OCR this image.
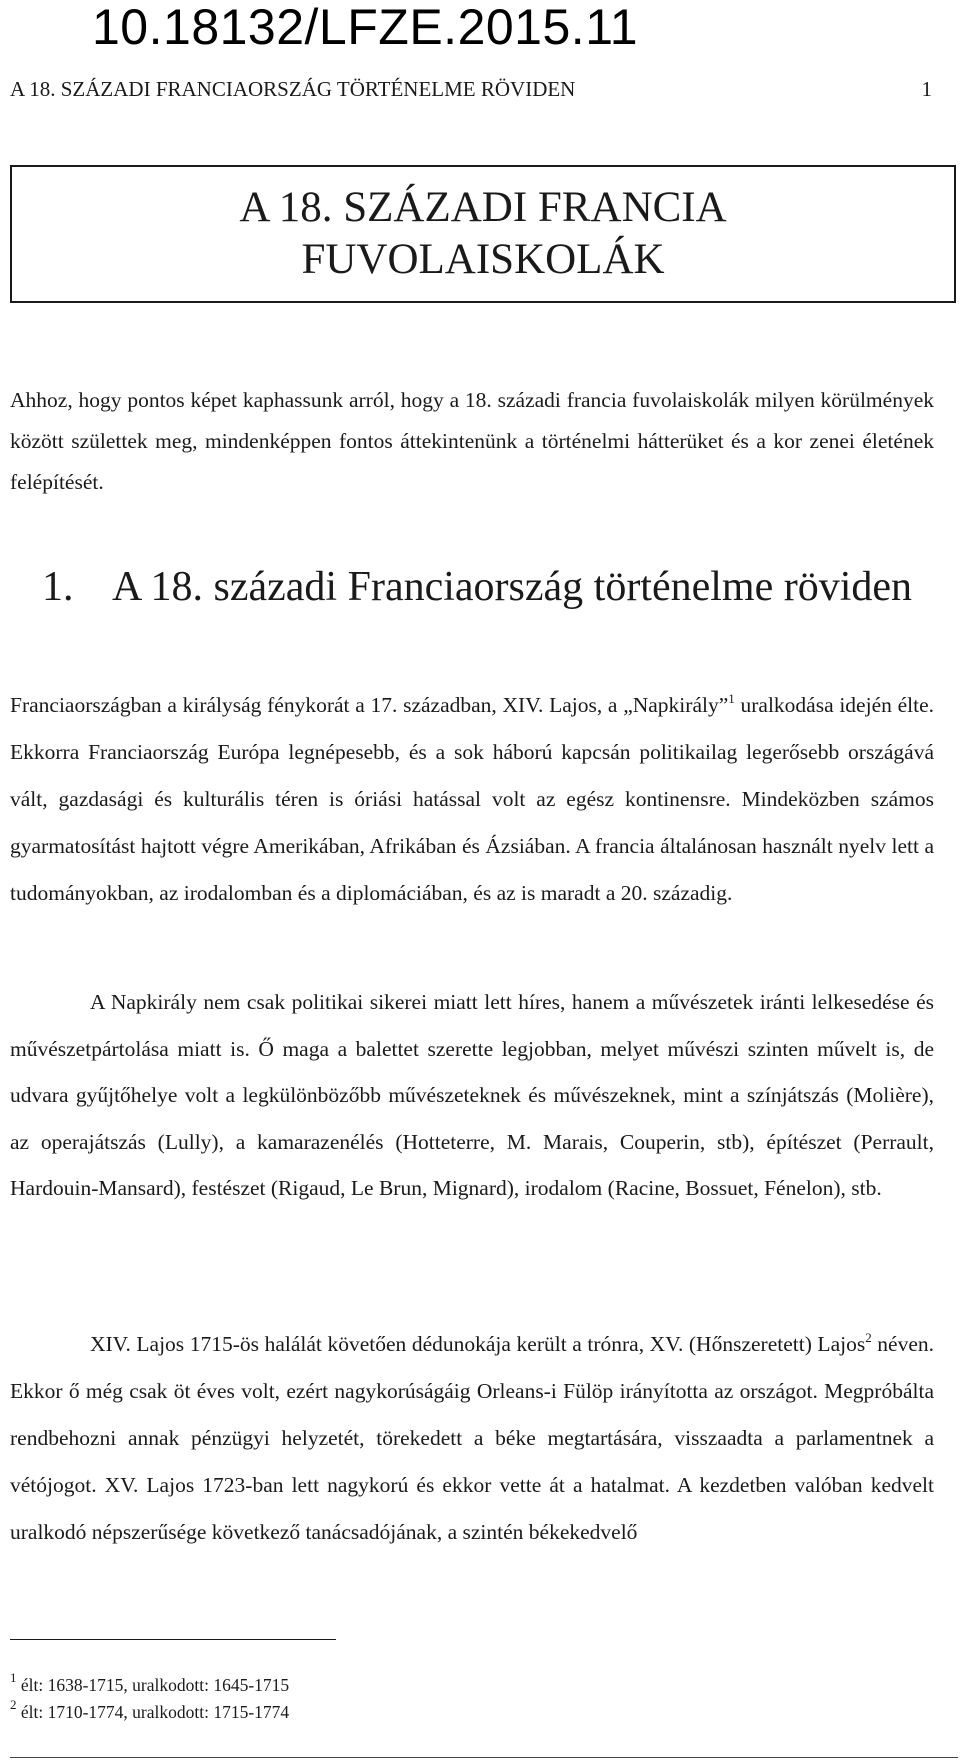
10.18132/LFZE.2015.11
A 18. SZÁZADI FRANCIAORSZÁG TÖRTÉNELME RÖVIDEN	1
A 18. SZÁZADI FRANCIA
FUVOLAISKOLÁK

Ahhoz, hogy pontos képet kaphassunk arról, hogy a 18. századi francia fuvolaiskolák milyen körülmények között születtek meg, mindenképpen fontos áttekintenünk a történelmi hátterüket és a kor zenei életének felépítését.

1. A 18. századi Franciaország történelme röviden

Franciaországban a királyság fénykorát a 17. században, XIV. Lajos, a „Napkirály”$^1$ uralkodása idején élte. Ekkorra Franciaország Európa legnépesebb, és a sok háború kapcsán politikailag legerősebb országává vált, gazdasági és kulturális téren is óriási hatással volt az egész kontinensre. Mindeközben számos gyarmatosítást hajtott végre Amerikában, Afrikában és Ázsiában. A francia általánosan használt nyelv lett a tudományokban, az irodalomban és a diplomáciában, és az is maradt a 20. századig.

A Napkirály nem csak politikai sikerei miatt lett híres, hanem a művészetek iránti lelkesedése és művészetpártolása miatt is. Ő maga a balettet szerette legjobban, melyet művészi szinten művelt is, de udvara gyűjtőhelye volt a legkülönbözőbb művészeteknek és művészeknek, mint a színjátszás (Molière), az operajátszás (Lully), a kamarazenélés (Hotteterre, M. Marais, Couperin, stb), építészet (Perrault, Hardouin-Mansard), festészet (Rigaud, Le Brun, Mignard), irodalom (Racine, Bossuet, Fénelon), stb.

XIV. Lajos 1715-ös halálát követően dédunokája került a trónra, XV. (Hőnszeretett) Lajos$^2$ néven. Ekkor ő még csak öt éves volt, ezért nagykorúságáig Orleans-i Fülöp irányította az országot. Megpróbálta rendbehozni annak pénzügyi helyzetét, törekedett a béke megtartására, visszaadta a parlamentnek a vétójogot. XV. Lajos 1723-ban lett nagykorú és ekkor vette át a hatalmat. A kezdetben valóban kedvelt uralkodó népszerűsége következő tanácsadójának, a szintén békekedvelő

$^1$ élt: 1638-1715, uralkodott: 1645-1715
$^2$ élt: 1710-1774, uralkodott: 1715-1774
